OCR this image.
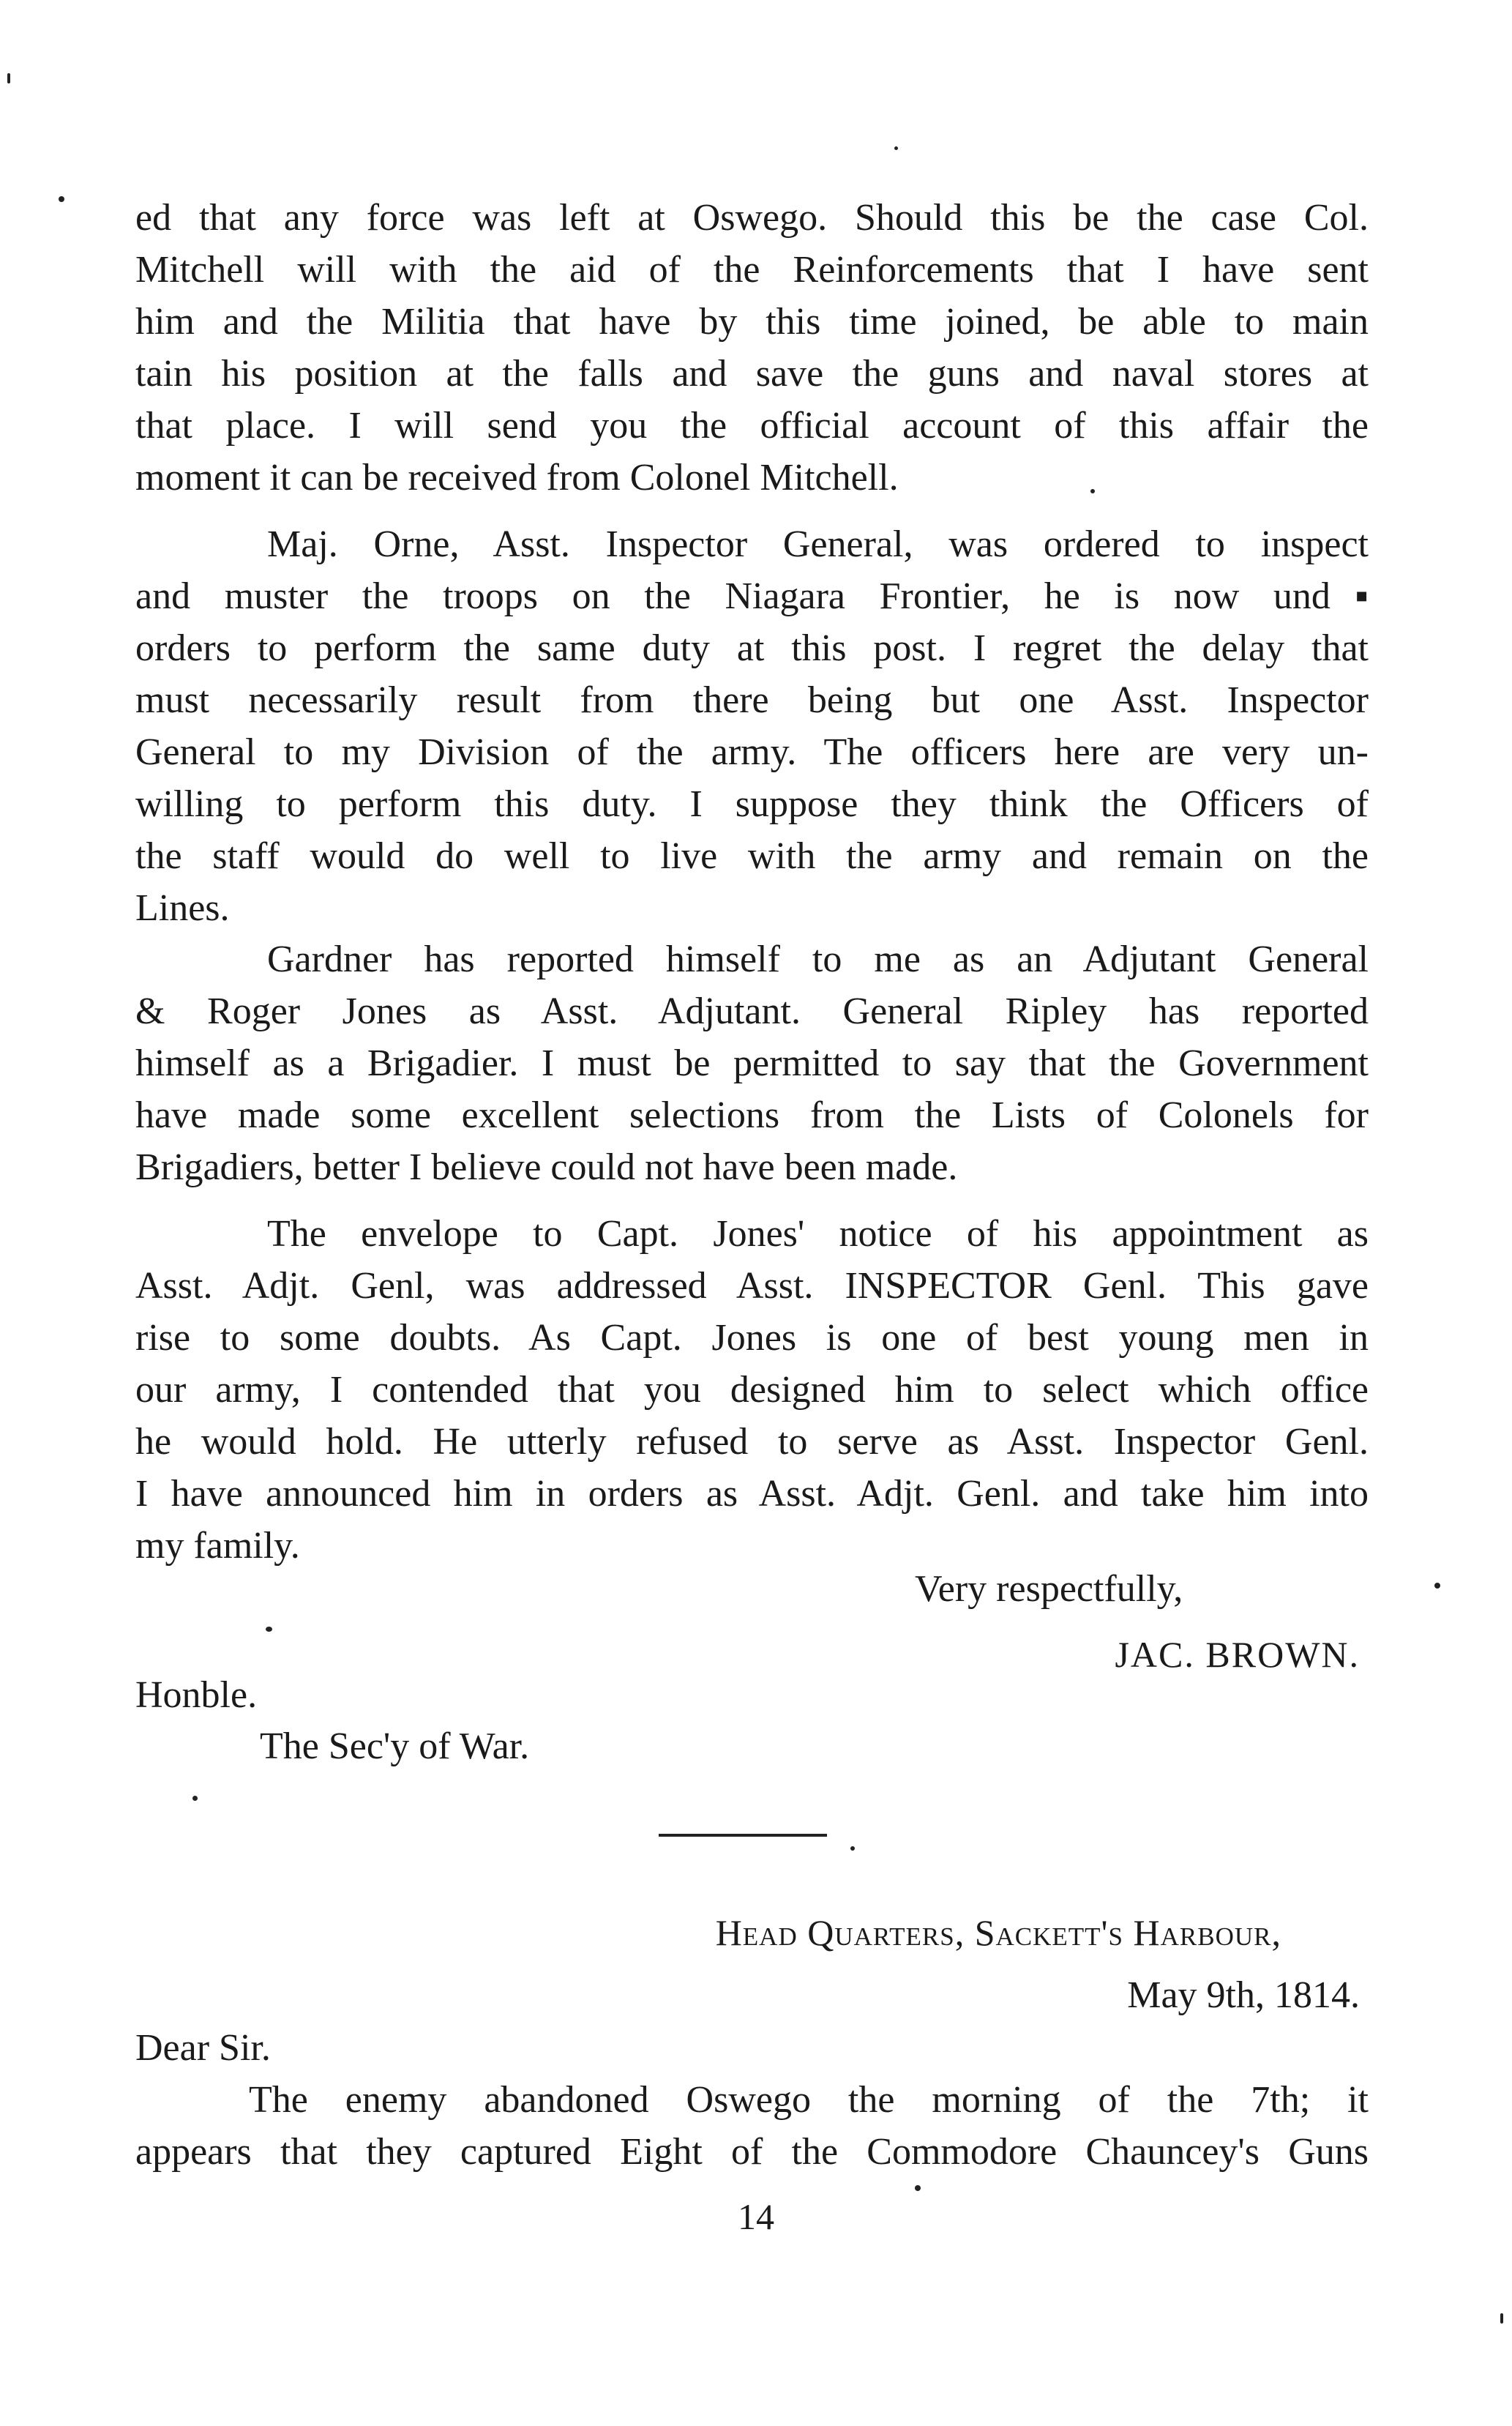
ed that any force was left at Oswego. Should this be the case Col.
Mitchell will with the aid of the Reinforcements that I have sent
him and the Militia that have by this time joined, be able to main
tain his position at the falls and save the guns and naval stores at
that place. I will send you the official account of this affair the
moment it can be received from Colonel Mitchell.
Maj. Orne, Asst. Inspector General, was ordered to inspect
and muster the troops on the Niagara Frontier, he is now und▪
orders to perform the same duty at this post. I regret the delay that
must necessarily result from there being but one Asst. Inspector
General to my Division of the army. The officers here are very un-
willing to perform this duty. I suppose they think the Officers of
the staff would do well to live with the army and remain on the
Lines.
Gardner has reported himself to me as an Adjutant General
& Roger Jones as Asst. Adjutant. General Ripley has reported
himself as a Brigadier. I must be permitted to say that the Government
have made some excellent selections from the Lists of Colonels for
Brigadiers, better I believe could not have been made.
The envelope to Capt. Jones' notice of his appointment as
Asst. Adjt. Genl, was addressed Asst. INSPECTOR Genl. This gave
rise to some doubts. As Capt. Jones is one of best young men in
our army, I contended that you designed him to select which office
he would hold. He utterly refused to serve as Asst. Inspector Genl.
I have announced him in orders as Asst. Adjt. Genl. and take him into
my family.
Very respectfully,
JAC. BROWN.
Honble.
The Sec'y of War.
Head Quarters, Sackett's Harbour,
May 9th, 1814.
Dear Sir.
The enemy abandoned Oswego the morning of the 7th; it
appears that they captured Eight of the Commodore Chauncey's Guns
14
